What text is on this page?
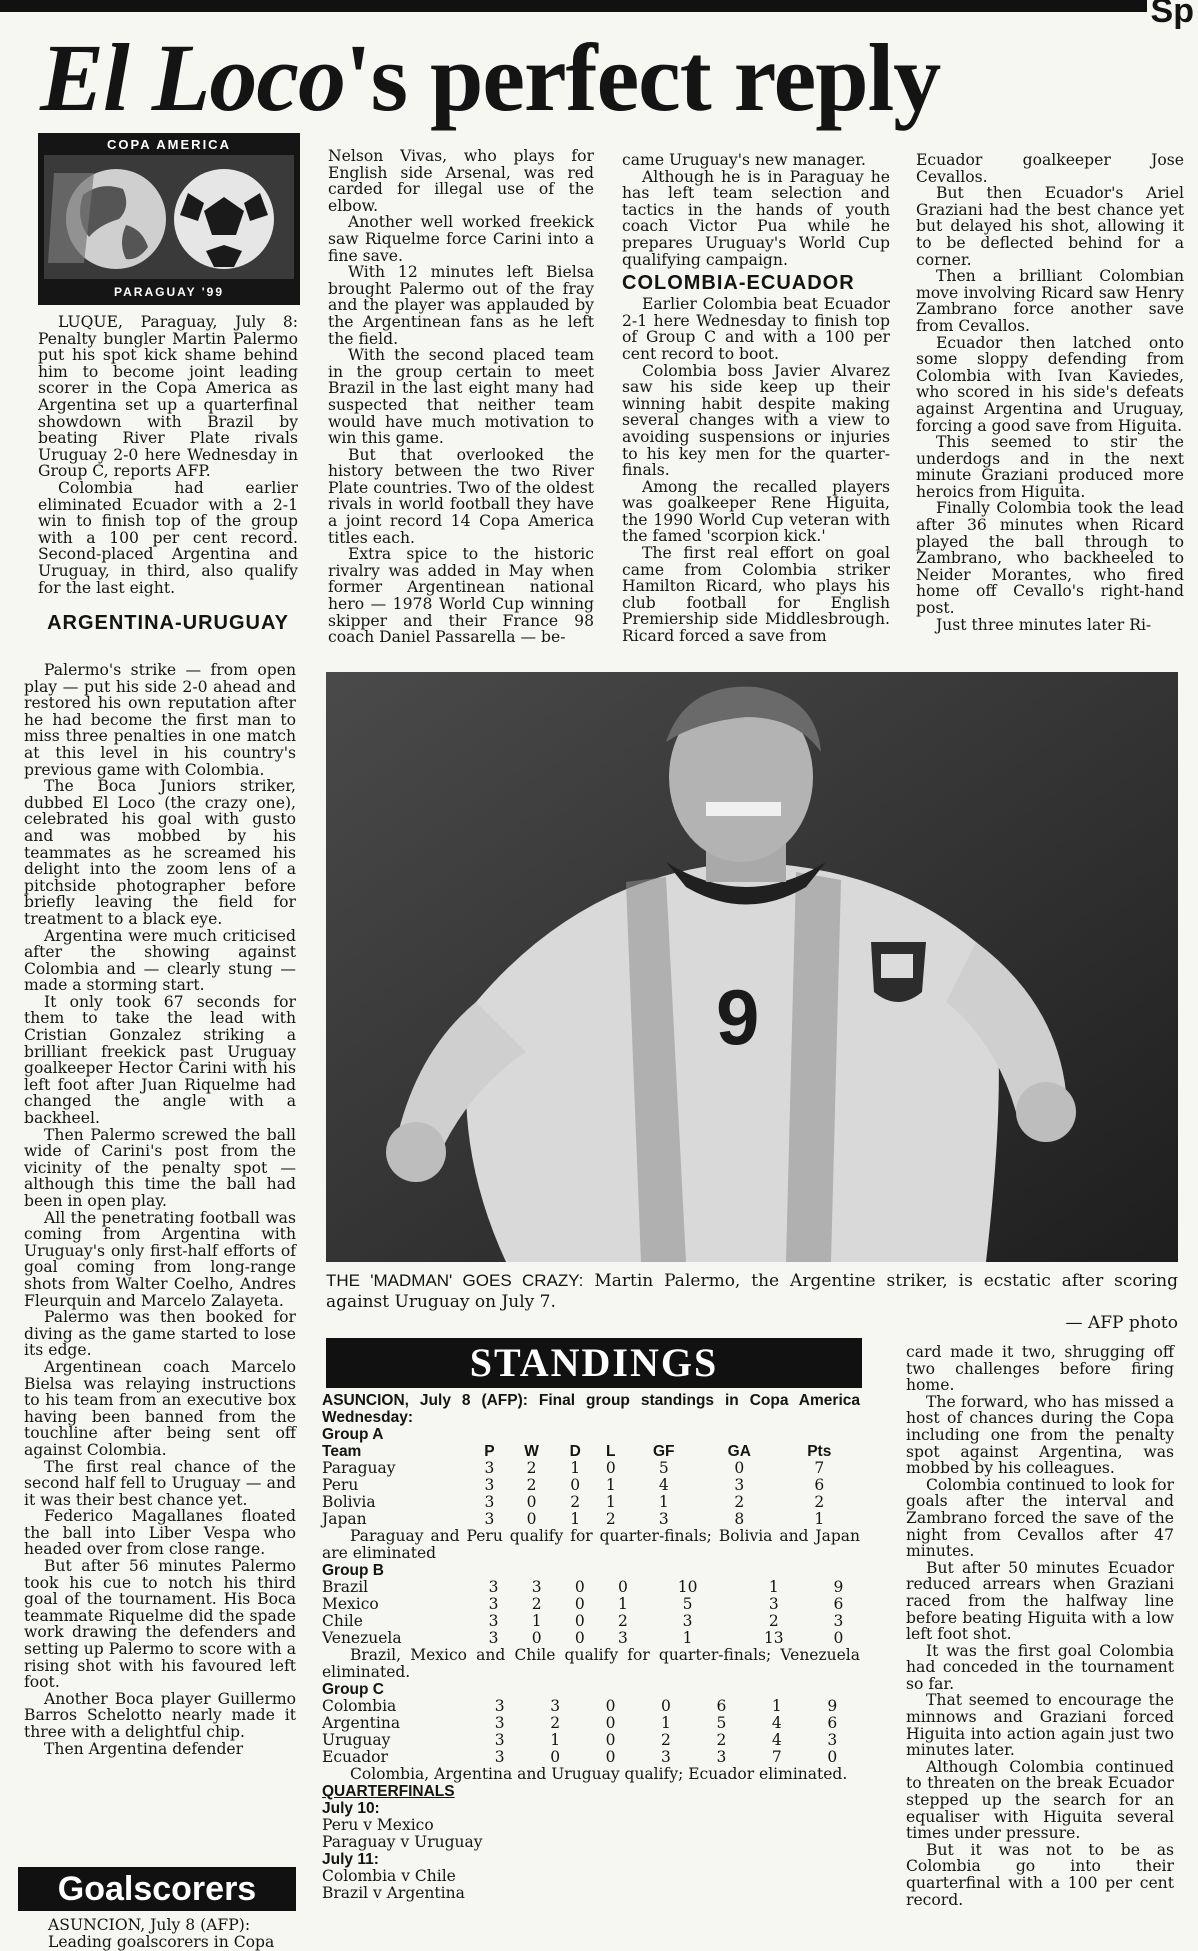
Sp
El Loco's perfect reply
COPA AMERICA
PARAGUAY '99

LUQUE, Paraguay, July 8: Penalty bungler Martin Palermo put his spot kick shame behind him to become joint leading scorer in the Copa America as Argentina set up a quarterfinal showdown with Brazil by beating River Plate rivals Uruguay 2-0 here Wednesday in Group C, reports AFP.

Colombia had earlier eliminated Ecuador with a 2-1 win to finish top of the group with a 100 per cent record. Second-placed Argentina and Uruguay, in third, also qualify for the last eight.

ARGENTINA-URUGUAY

Palermo's strike — from open play — put his side 2-0 ahead and restored his own reputation after he had become the first man to miss three penalties in one match at this level in his country's previous game with Colombia.

The Boca Juniors striker, dubbed El Loco (the crazy one), celebrated his goal with gusto and was mobbed by his teammates as he screamed his delight into the zoom lens of a pitchside photographer before briefly leaving the field for treatment to a black eye.

Argentina were much criticised after the showing against Colombia and — clearly stung — made a storming start.

It only took 67 seconds for them to take the lead with Cristian Gonzalez striking a brilliant freekick past Uruguay goalkeeper Hector Carini with his left foot after Juan Riquelme had changed the angle with a backheel.

Then Palermo screwed the ball wide of Carini's post from the vicinity of the penalty spot — although this time the ball had been in open play.

All the penetrating football was coming from Argentina with Uruguay's only first-half efforts of goal coming from long-range shots from Walter Coelho, Andres Fleurquin and Marcelo Zalayeta.

Palermo was then booked for diving as the game started to lose its edge.

Argentinean coach Marcelo Bielsa was relaying instructions to his team from an executive box having been banned from the touchline after being sent off against Colombia.

The first real chance of the second half fell to Uruguay — and it was their best chance yet.

Federico Magallanes floated the ball into Liber Vespa who headed over from close range.

But after 56 minutes Palermo took his cue to notch his third goal of the tournament. His Boca teammate Riquelme did the spade work drawing the defenders and setting up Palermo to score with a rising shot with his favoured left foot.

Another Boca player Guillermo Barros Schelotto nearly made it three with a delightful chip.

Then Argentina defender

Nelson Vivas, who plays for English side Arsenal, was red carded for illegal use of the elbow.

Another well worked freekick saw Riquelme force Carini into a fine save.

With 12 minutes left Bielsa brought Palermo out of the fray and the player was applauded by the Argentinean fans as he left the field.

With the second placed team in the group certain to meet Brazil in the last eight many had suspected that neither team would have much motivation to win this game.

But that overlooked the history between the two River Plate countries. Two of the oldest rivals in world football they have a joint record 14 Copa America titles each.

Extra spice to the historic rivalry was added in May when former Argentinean national hero — 1978 World Cup winning skipper and their France 98 coach Daniel Passarella — be-

came Uruguay's new manager.

Although he is in Paraguay he has left team selection and tactics in the hands of youth coach Victor Pua while he prepares Uruguay's World Cup qualifying campaign.

COLOMBIA-ECUADOR

Earlier Colombia beat Ecuador 2-1 here Wednesday to finish top of Group C and with a 100 per cent record to boot.

Colombia boss Javier Alvarez saw his side keep up their winning habit despite making several changes with a view to avoiding suspensions or injuries to his key men for the quarter-finals.

Among the recalled players was goalkeeper Rene Higuita, the 1990 World Cup veteran with the famed 'scorpion kick.'

The first real effort on goal came from Colombia striker Hamilton Ricard, who plays his club football for English Premiership side Middlesbrough. Ricard forced a save from

Ecuador goalkeeper Jose Cevallos.

But then Ecuador's Ariel Graziani had the best chance yet but delayed his shot, allowing it to be deflected behind for a corner.

Then a brilliant Colombian move involving Ricard saw Henry Zambrano force another save from Cevallos.

Ecuador then latched onto some sloppy defending from Colombia with Ivan Kaviedes, who scored in his side's defeats against Argentina and Uruguay, forcing a good save from Higuita.

This seemed to stir the underdogs and in the next minute Graziani produced more heroics from Higuita.

Finally Colombia took the lead after 36 minutes when Ricard played the ball through to Zambrano, who backheeled to Neider Morantes, who fired home off Cevallo's right-hand post.

Just three minutes later Ri-

9
THE 'MADMAN' GOES CRAZY: Martin Palermo, the Argentine striker, is ecstatic after scoring against Uruguay on July 7.
— AFP photo
STANDINGS

ASUNCION, July 8 (AFP): Final group standings in Copa America Wednesday:

Group A

Team	P	W	D	L	GF	GA	Pts
Paraguay	3	2	1	0	5	0	7
Peru	3	2	0	1	4	3	6
Bolivia	3	0	2	1	1	2	2
Japan	3	0	1	2	3	8	1

Paraguay and Peru qualify for quarter-finals; Bolivia and Japan are eliminated

Group B

Brazil	3	3	0	0	10	1	9
Mexico	3	2	0	1	5	3	6
Chile	3	1	0	2	3	2	3
Venezuela	3	0	0	3	1	13	0

Brazil, Mexico and Chile qualify for quarter-finals; Venezuela eliminated.

Group C

Colombia	3	3	0	0	6	1	9
Argentina	3	2	0	1	5	4	6
Uruguay	3	1	0	2	2	4	3
Ecuador	3	0	0	3	3	7	0

Colombia, Argentina and Uruguay qualify; Ecuador eliminated.

QUARTERFINALS

July 10:

Peru v Mexico

Paraguay v Uruguay

July 11:

Colombia v Chile

Brazil v Argentina

card made it two, shrugging off two challenges before firing home.

The forward, who has missed a host of chances during the Copa including one from the penalty spot against Argentina, was mobbed by his colleagues.

Colombia continued to look for goals after the interval and Zambrano forced the save of the night from Cevallos after 47 minutes.

But after 50 minutes Ecuador reduced arrears when Graziani raced from the halfway line before beating Higuita with a low left foot shot.

It was the first goal Colombia had conceded in the tournament so far.

That seemed to encourage the minnows and Graziani forced Higuita into action again just two minutes later.

Although Colombia continued to threaten on the break Ecuador stepped up the search for an equaliser with Higuita several times under pressure.

But it was not to be as Colombia go into their quarterfinal with a 100 per cent record.

Goalscorers
ASUNCION, July 8 (AFP):
Leading goalscorers in Copa
